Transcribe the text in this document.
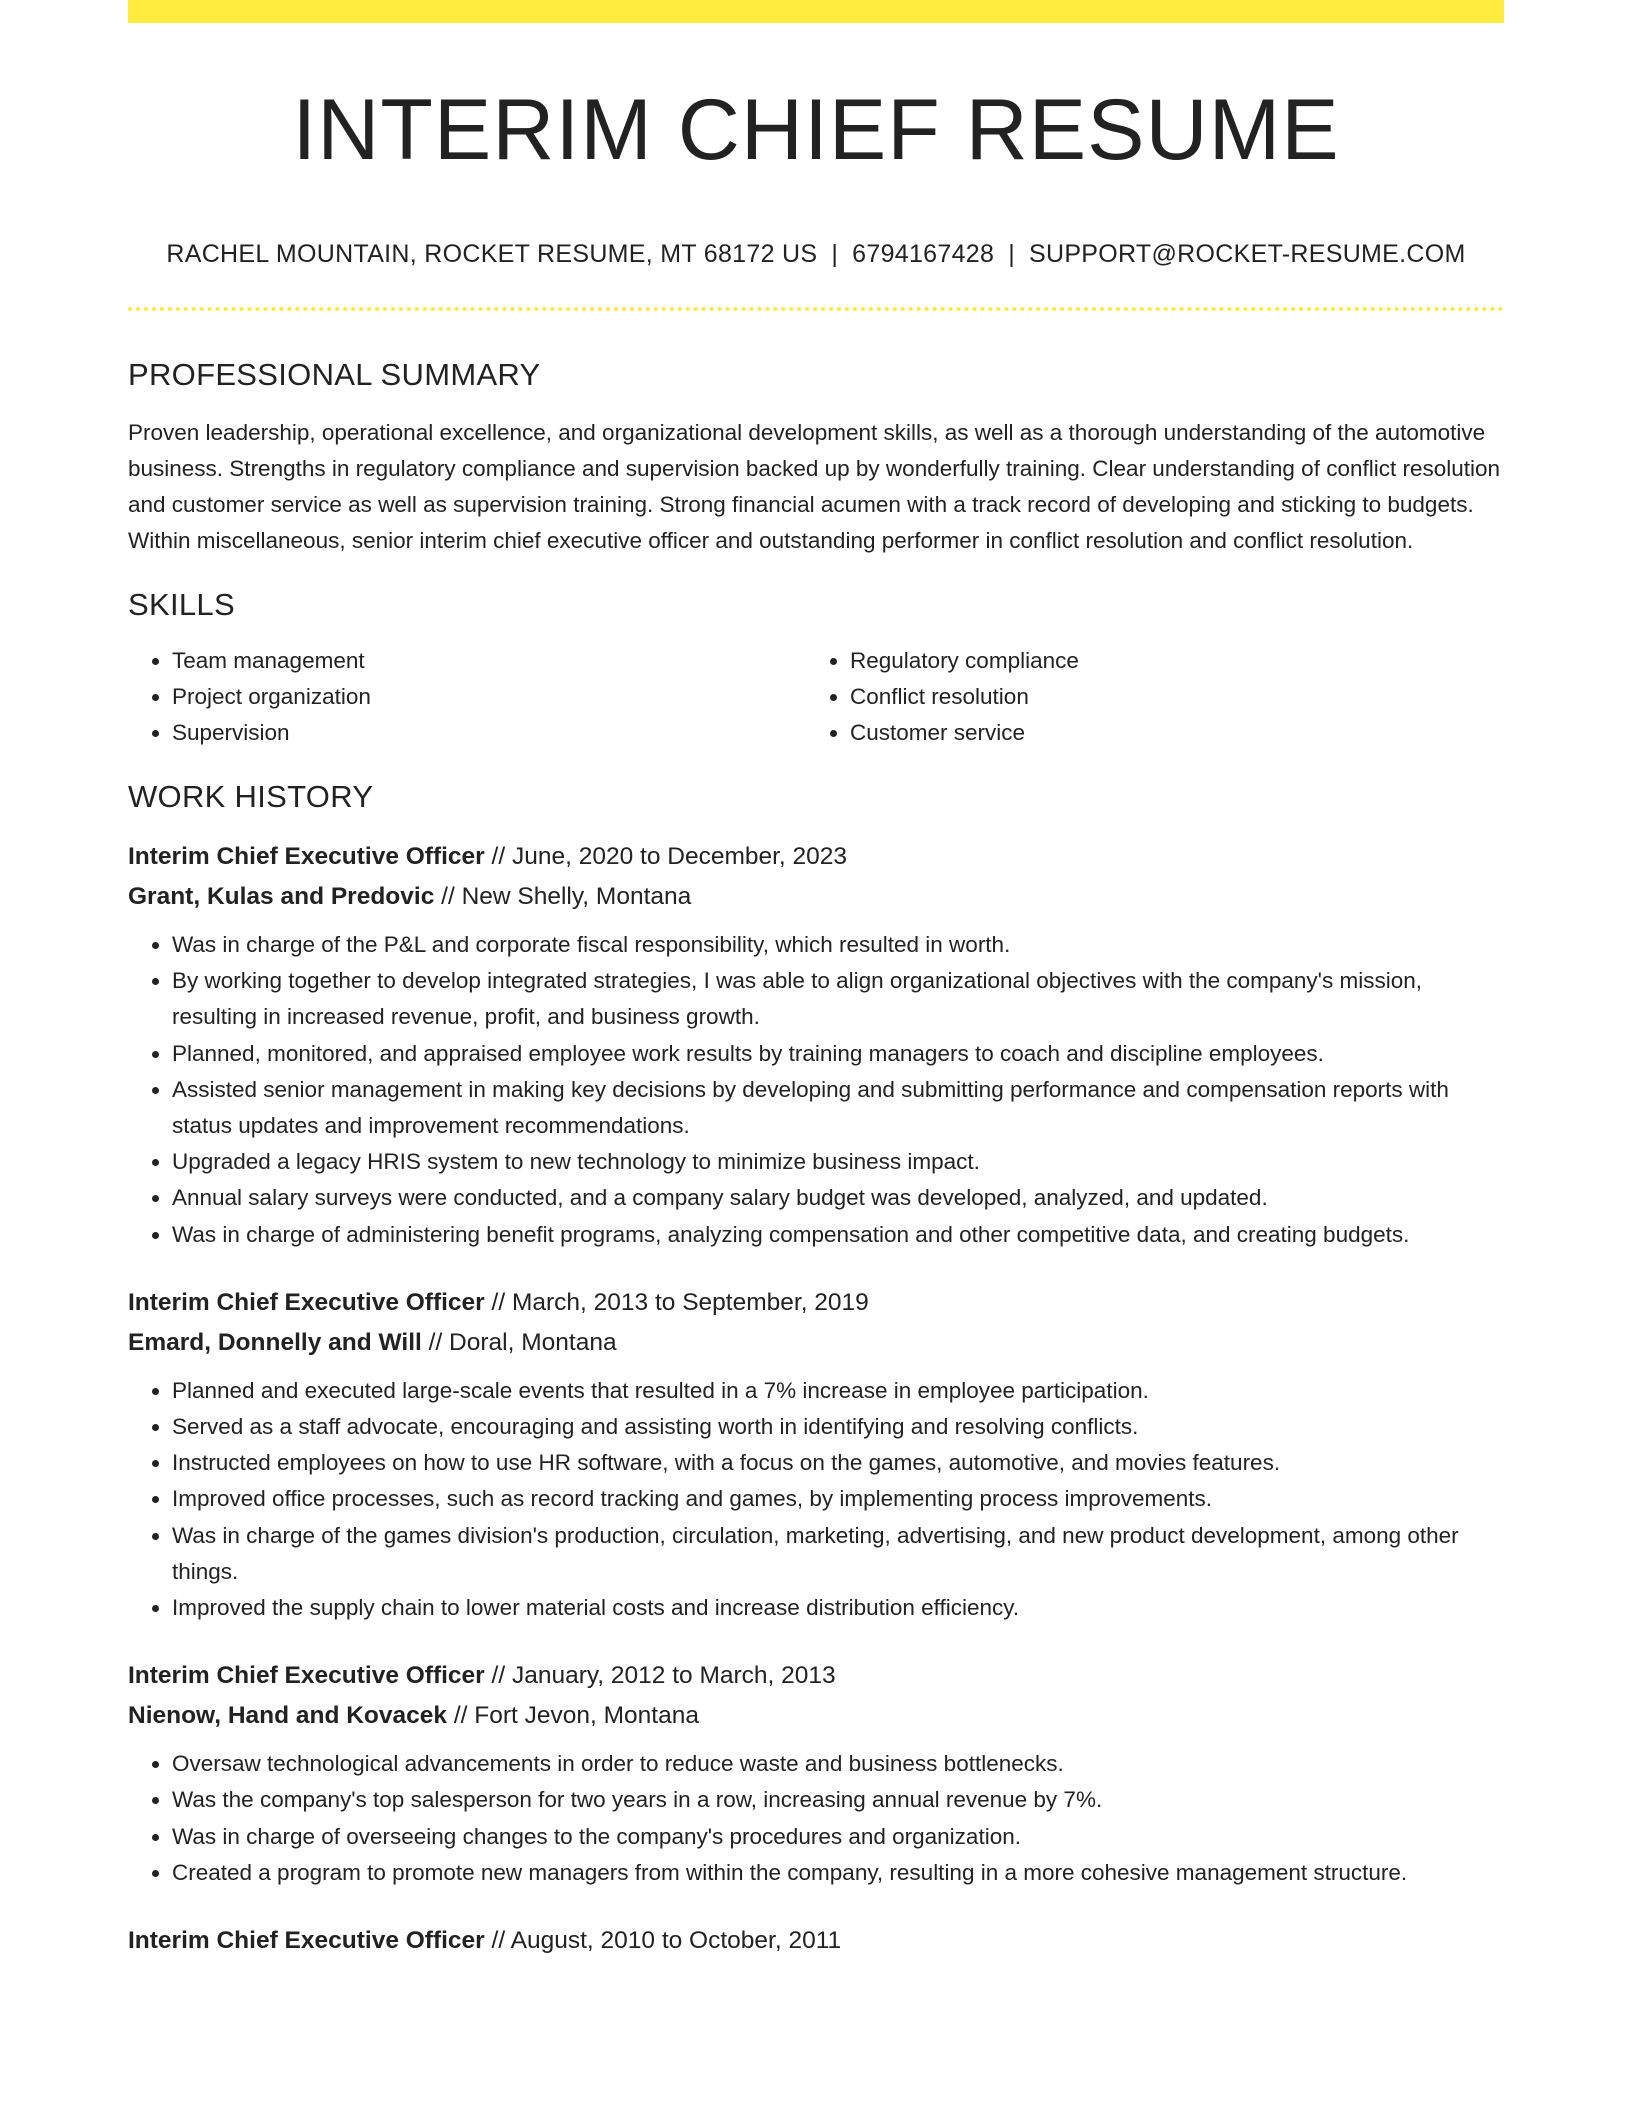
INTERIM CHIEF RESUME
RACHEL MOUNTAIN, ROCKET RESUME, MT 68172 US | 6794167428 | SUPPORT@ROCKET-RESUME.COM
PROFESSIONAL SUMMARY
Proven leadership, operational excellence, and organizational development skills, as well as a thorough understanding of the automotive business. Strengths in regulatory compliance and supervision backed up by wonderfully training. Clear understanding of conflict resolution and customer service as well as supervision training. Strong financial acumen with a track record of developing and sticking to budgets. Within miscellaneous, senior interim chief executive officer and outstanding performer in conflict resolution and conflict resolution.
SKILLS
• Team management
• Project organization
• Supervision
• Regulatory compliance
• Conflict resolution
• Customer service
WORK HISTORY
Interim Chief Executive Officer // June, 2020 to December, 2023
Grant, Kulas and Predovic // New Shelly, Montana
• Was in charge of the P&L and corporate fiscal responsibility, which resulted in worth.
• By working together to develop integrated strategies, I was able to align organizational objectives with the company's mission, resulting in increased revenue, profit, and business growth.
• Planned, monitored, and appraised employee work results by training managers to coach and discipline employees.
• Assisted senior management in making key decisions by developing and submitting performance and compensation reports with status updates and improvement recommendations.
• Upgraded a legacy HRIS system to new technology to minimize business impact.
• Annual salary surveys were conducted, and a company salary budget was developed, analyzed, and updated.
• Was in charge of administering benefit programs, analyzing compensation and other competitive data, and creating budgets.
Interim Chief Executive Officer // March, 2013 to September, 2019
Emard, Donnelly and Will // Doral, Montana
• Planned and executed large-scale events that resulted in a 7% increase in employee participation.
• Served as a staff advocate, encouraging and assisting worth in identifying and resolving conflicts.
• Instructed employees on how to use HR software, with a focus on the games, automotive, and movies features.
• Improved office processes, such as record tracking and games, by implementing process improvements.
• Was in charge of the games division's production, circulation, marketing, advertising, and new product development, among other things.
• Improved the supply chain to lower material costs and increase distribution efficiency.
Interim Chief Executive Officer // January, 2012 to March, 2013
Nienow, Hand and Kovacek // Fort Jevon, Montana
• Oversaw technological advancements in order to reduce waste and business bottlenecks.
• Was the company's top salesperson for two years in a row, increasing annual revenue by 7%.
• Was in charge of overseeing changes to the company's procedures and organization.
• Created a program to promote new managers from within the company, resulting in a more cohesive management structure.
Interim Chief Executive Officer // August, 2010 to October, 2011
